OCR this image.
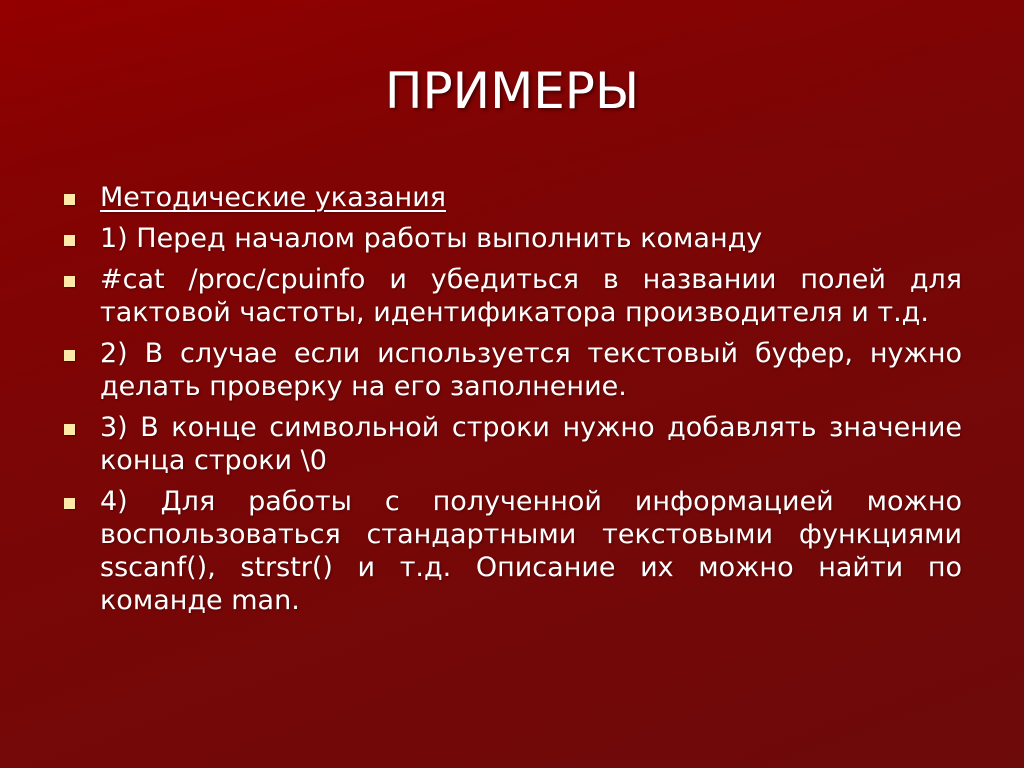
ПРИМЕРЫ
Методические указания
1) Перед началом работы выполнить команду
#cat /proc/cpuinfo и убедиться в названии полей для тактовой частоты, идентификатора производителя и т.д.
2) В случае если используется текстовый буфер, нужно делать проверку на его заполнение.
3) В конце символьной строки нужно добавлять значение конца строки \0
4) Для работы с полученной информацией можно воспользоваться стандартными текстовыми функциями sscanf(), strstr() и т.д. Описание их можно найти по команде man.
